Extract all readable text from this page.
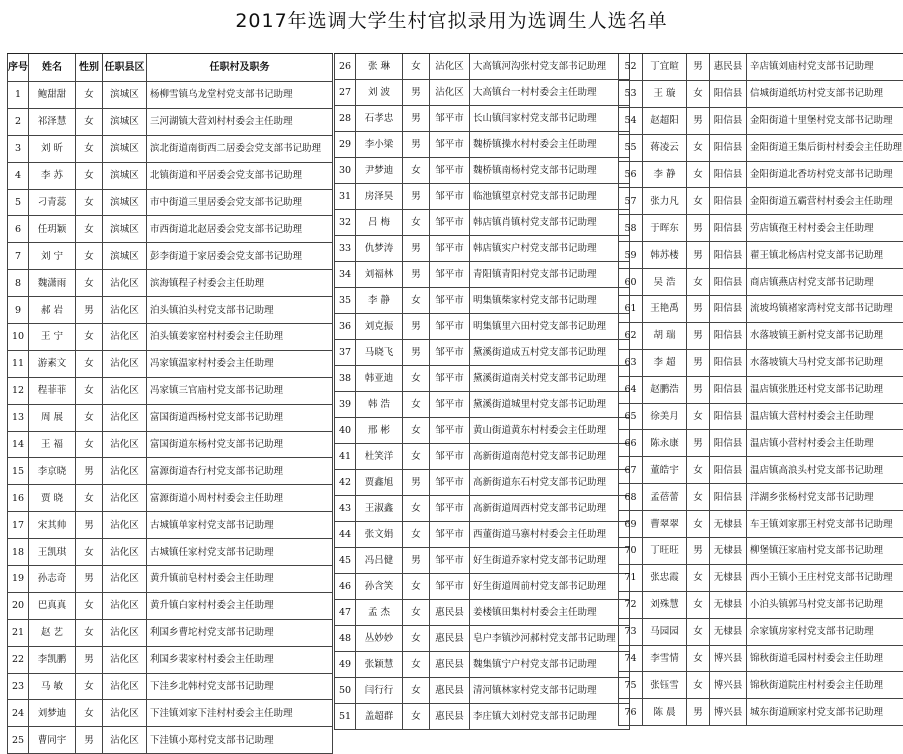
2017年选调大学生村官拟录用为选调生人选名单
序号	姓名	性别	任职县区	任职村及职务
1	鲍甜甜	女	滨城区	杨柳雪镇乌龙堂村党支部书记助理
2	祁泽慧	女	滨城区	三河湖镇大营刘村村委会主任助理
3	刘 昕	女	滨城区	滨北街道南街西二居委会党支部书记助理
4	李 苏	女	滨城区	北镇街道和平居委会党支部书记助理
5	刁青蕊	女	滨城区	市中街道三里居委会党支部书记助理
6	任玥颖	女	滨城区	市西街道北赵居委会党支部书记助理
7	刘 宁	女	滨城区	彭李街道于家居委会党支部书记助理
8	魏潇雨	女	沾化区	滨海镇程子村委会主任助理
9	郝 岩	男	沾化区	泊头镇泊头村党支部书记助理
10	王 宁	女	沾化区	泊头镇姜家窑村村委会主任助理
11	游素文	女	沾化区	冯家镇温家村村委会主任助理
12	程菲菲	女	沾化区	冯家镇三官庙村党支部书记助理
13	周 展	女	沾化区	富国街道西杨村党支部书记助理
14	王 福	女	沾化区	富国街道东杨村党支部书记助理
15	李京晓	男	沾化区	富源街道杏行村党支部书记助理
16	贾 晓	女	沾化区	富源街道小周村村委会主任助理
17	宋其帅	男	沾化区	古城镇单家村党支部书记助理
18	王凯琪	女	沾化区	古城镇任家村党支部书记助理
19	孙志奇	男	沾化区	黄升镇前皂村村委会主任助理
20	巴真真	女	沾化区	黄升镇白家村村委会主任助理
21	赵 艺	女	沾化区	利国乡曹坨村党支部书记助理
22	李凯鹏	男	沾化区	利国乡裴家村村委会主任助理
23	马 敏	女	沾化区	下洼乡北韩村党支部书记助理
24	刘梦迪	女	沾化区	下洼镇刘家下洼村村委会主任助理
25	曹同宇	男	沾化区	下洼镇小郑村党支部书记助理
26	张 琳	女	沾化区	大高镇河沟张村党支部书记助理
27	刘 波	男	沾化区	大高镇台一村村委会主任助理
28	石孝忠	男	邹平市	长山镇闫家村党支部书记助理
29	李小梁	男	邹平市	魏桥镇操水村村委会主任助理
30	尹梦迪	女	邹平市	魏桥镇南杨村党支部书记助理
31	房泽昊	男	邹平市	临池镇望京村党支部书记助理
32	吕 梅	女	邹平市	韩店镇肖镇村党支部书记助理
33	仇梦涛	男	邹平市	韩店镇实户村党支部书记助理
34	刘福林	男	邹平市	青阳镇青阳村党支部书记助理
35	李 静	女	邹平市	明集镇柴家村党支部书记助理
36	刘克振	男	邹平市	明集镇里六田村党支部书记助理
37	马晓飞	男	邹平市	黛溪街道成五村党支部书记助理
38	韩亚迪	女	邹平市	黛溪街道南关村党支部书记助理
39	韩 浩	女	邹平市	黛溪街道城里村党支部书记助理
40	邢 彬	女	邹平市	黄山街道黄东村村委会主任助理
41	杜笑洋	女	邹平市	高新街道南范村党支部书记助理
42	贾鑫旭	男	邹平市	高新街道东石村党支部书记助理
43	王淑鑫	女	邹平市	高新街道周西村党支部书记助理
44	张文娟	女	邹平市	西董街道马寨村村委会主任助理
45	冯吕健	男	邹平市	好生街道乔家村党支部书记助理
46	孙含笑	女	邹平市	好生街道周前村党支部书记助理
47	孟 杰	女	惠民县	姜楼镇田集村村委会主任助理
48	丛妙妙	女	惠民县	皂户李镇沙河郝村党支部书记助理
49	张颖慧	女	惠民县	魏集镇宁户村党支部书记助理
50	闫行行	女	惠民县	清河镇林家村党支部书记助理
51	盖超群	女	惠民县	李庄镇大刘村党支部书记助理
52	丁宜暄	男	惠民县	辛店镇刘庙村党支部书记助理
53	王 璇	女	阳信县	信城街道纸坊村党支部书记助理
54	赵超阳	男	阳信县	金阳街道十里堡村党支部书记助理
55	蒋凌云	女	阳信县	金阳街道王集后街村村委会主任助理
56	李 静	女	阳信县	金阳街道北香坊村党支部书记助理
57	张力凡	女	阳信县	金阳街道五霸营村村委会主任助理
58	于晖东	男	阳信县	劳店镇孢王村村委会主任助理
59	韩苏楼	男	阳信县	翟王镇北杨店村党支部书记助理
60	吴 浩	女	阳信县	商店镇燕店村党支部书记助理
61	王艳禹	男	阳信县	流坡坞镇褚家湾村党支部书记助理
62	胡 瑞	男	阳信县	水落坡镇王新村党支部书记助理
63	李 超	男	阳信县	水落坡镇大马村党支部书记助理
64	赵鹏浩	男	阳信县	温店镇张胜还村党支部书记助理
65	徐美月	女	阳信县	温店镇大营村村委会主任助理
66	陈永康	男	阳信县	温店镇小营村村委会主任助理
67	董皓宇	女	阳信县	温店镇高浪头村党支部书记助理
68	孟蓓蕾	女	阳信县	洋湖乡张杨村党支部书记助理
69	曹翠翠	女	无棣县	车王镇刘家那王村党支部书记助理
70	丁旺旺	男	无棣县	柳堡镇汪家庙村党支部书记助理
71	张忠霞	女	无棣县	西小王镇小王庄村党支部书记助理
72	刘殊慧	女	无棣县	小泊头镇郭马村党支部书记助理
73	马园园	女	无棣县	佘家镇房家村党支部书记助理
74	李雪情	女	博兴县	锦秋街道毛园村村委会主任助理
75	张钰雪	女	博兴县	锦秋街道院庄村村委会主任助理
76	陈 晨	男	博兴县	城东街道顾家村党支部书记助理
